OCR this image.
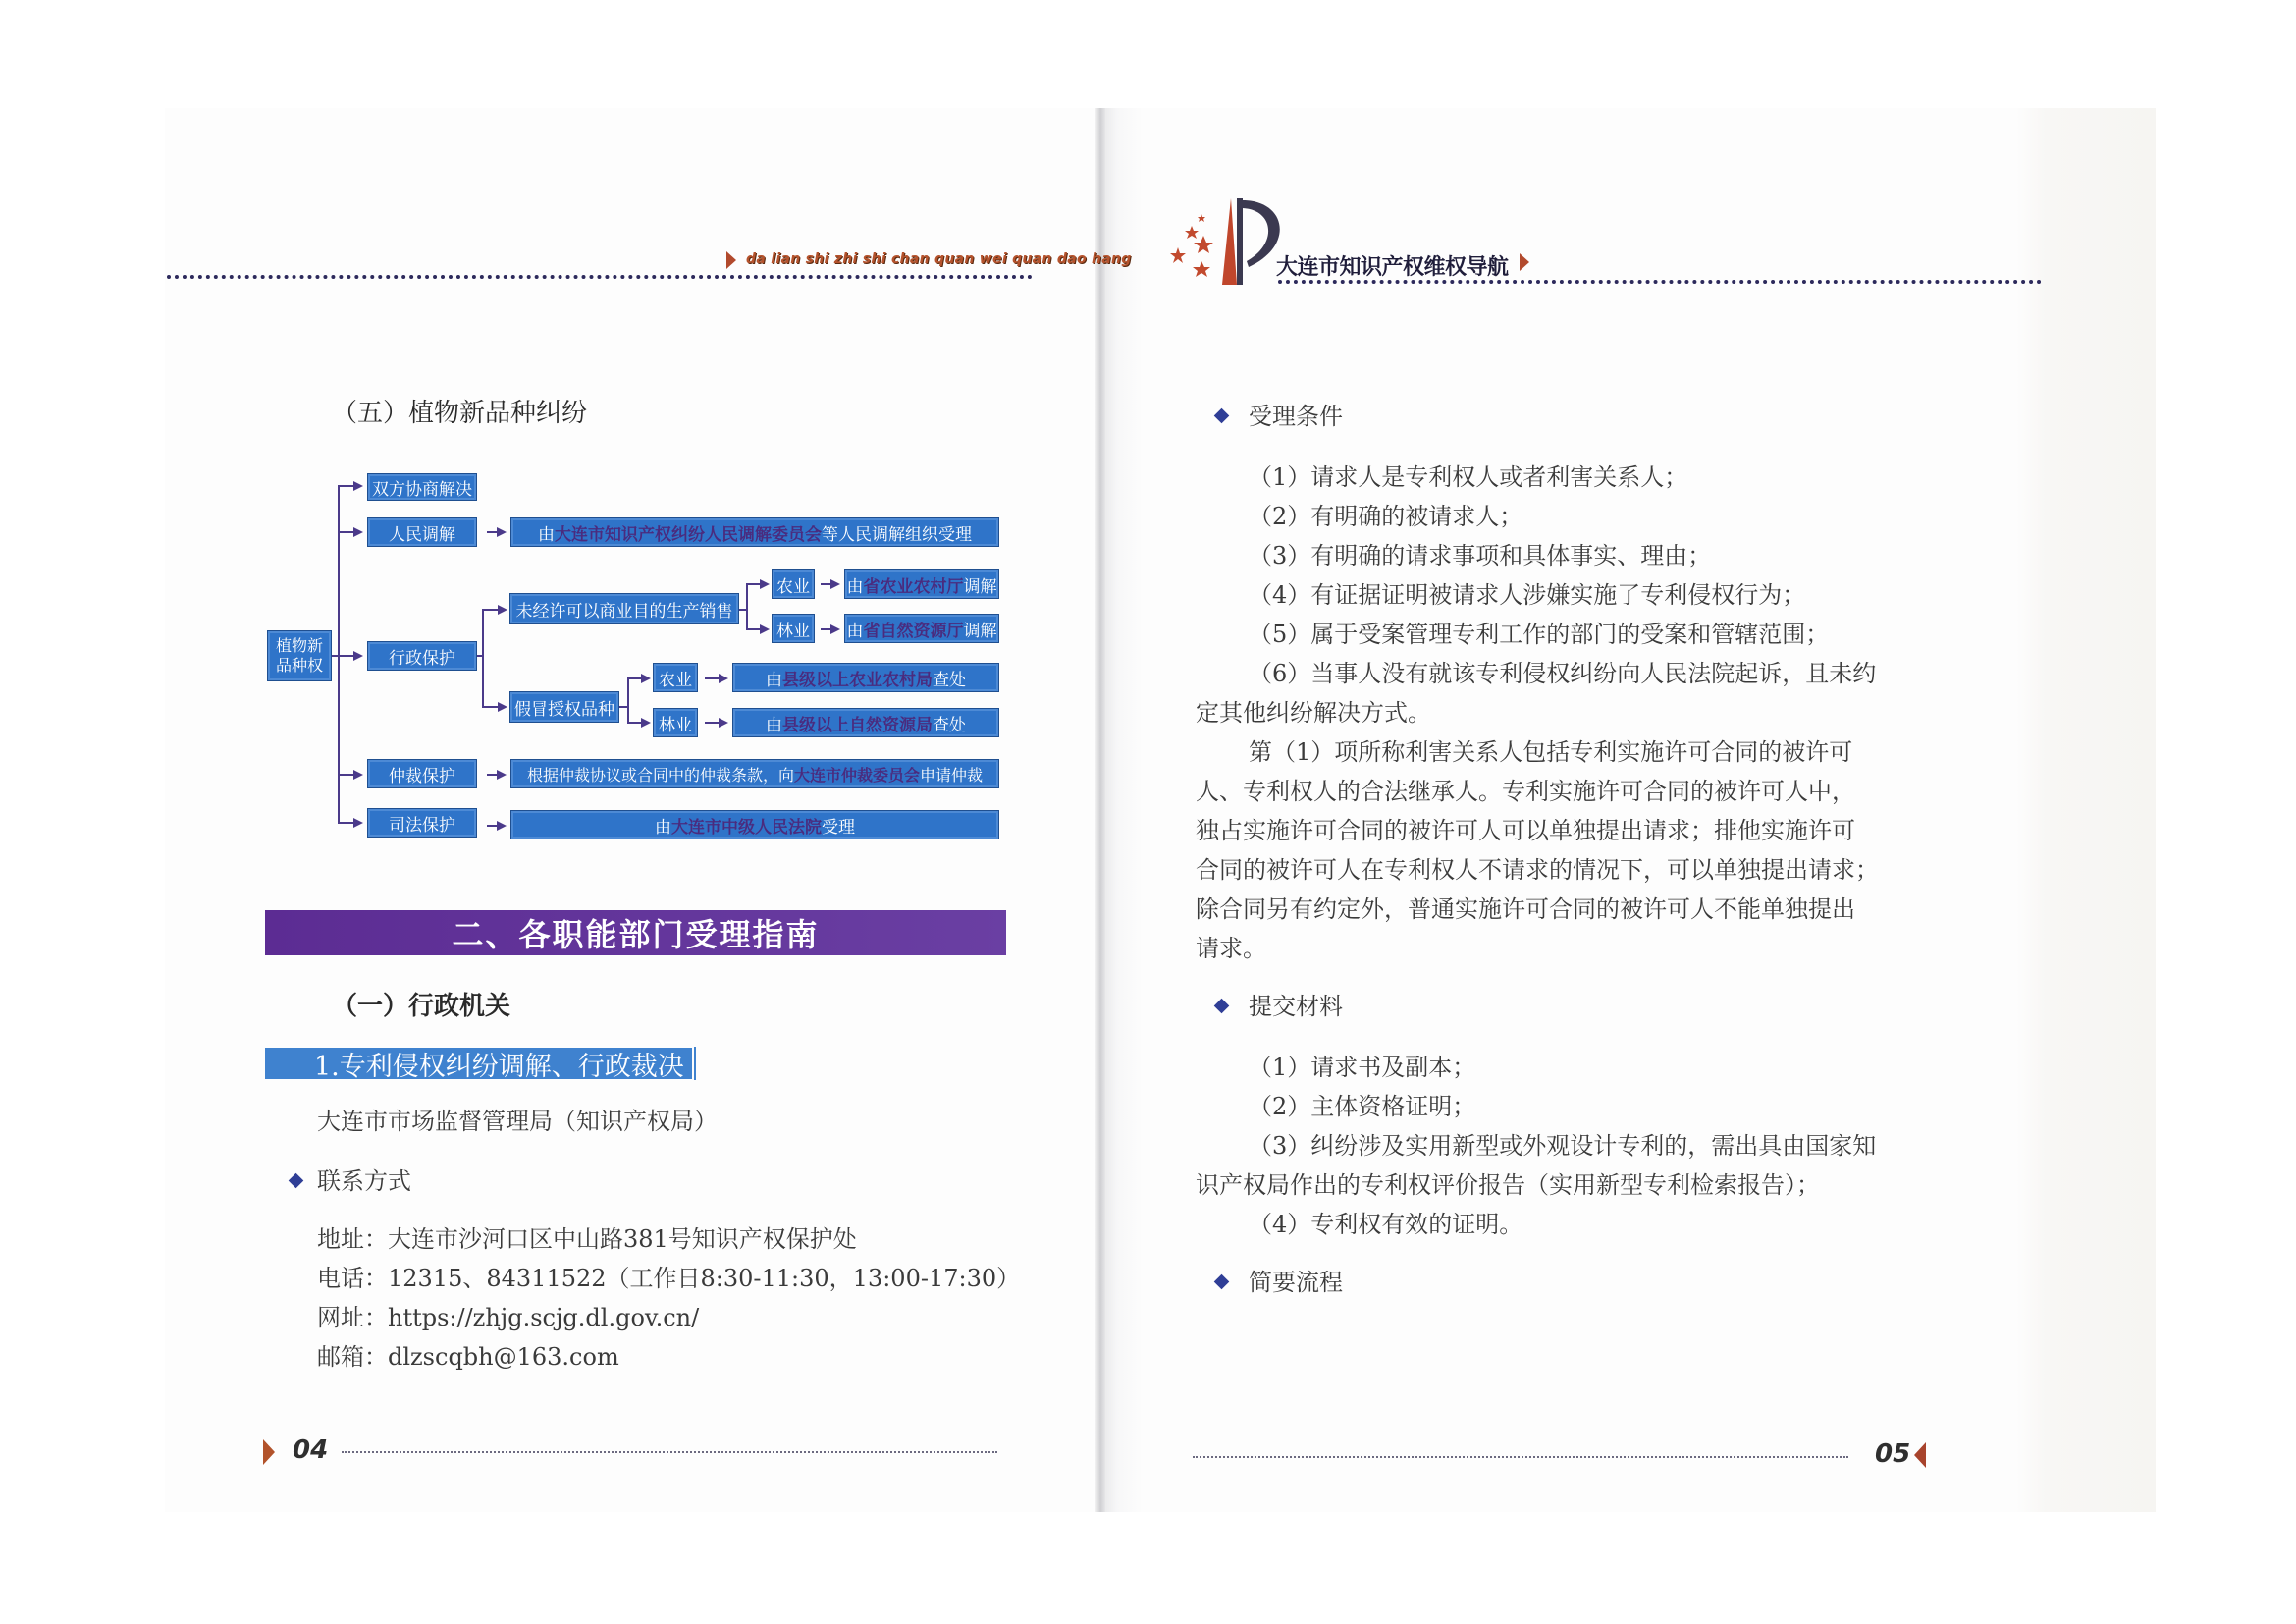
da lian shi zhi shi chan quan wei quan dao hang
（五）植物新品种纠纷
植物新
品种权
双方协商解决
人民调解	由 大连市知识产权纠纷人民调解委员会 等人民调解组织受理
行政保护
未经许可以商业目的生产销售
假冒授权品种
农业
林业
由 省农业农村厅 调解
由 省自然资源厅 调解
农业
林业
由 县级以上农业农村局 查处
由 县级以上自然资源局 查处
仲裁保护	根据仲裁协议或合同中的仲裁条款，向 大连市仲裁委员会 申请仲裁
司法保护	由 大连市中级人民法院 受理
二、各职能部门受理指南
（一）行政机关
1.专利侵权纠纷调解、行政裁决
大连市市场监督管理局（知识产权局）
联系方式
地址：大连市沙河口区中山路381号知识产权保护处
电话：12315、84311522（工作日8:30-11:30，13:00-17:30）
网址：https://zhjg.scjg.dl.gov.cn/
邮箱：dlzscqbh@163.com
04
大连市知识产权维权导航
受理条件
（1）请求人是专利权人或者利害关系人；
（2）有明确的被请求人；
（3）有明确的请求事项和具体事实、理由；
（4）有证据证明被请求人涉嫌实施了专利侵权行为；
（5）属于受案管理专利工作的部门的受案和管辖范围；
（6）当事人没有就该专利侵权纠纷向人民法院起诉，且未约
定其他纠纷解决方式。
第（1）项所称利害关系人包括专利实施许可合同的被许可
人、专利权人的合法继承人。专利实施许可合同的被许可人中，
独占实施许可合同的被许可人可以单独提出请求；排他实施许可
合同的被许可人在专利权人不请求的情况下，可以单独提出请求；
除合同另有约定外，普通实施许可合同的被许可人不能单独提出
请求。
提交材料
（1）请求书及副本；
（2）主体资格证明；
（3）纠纷涉及实用新型或外观设计专利的，需出具由国家知
识产权局作出的专利权评价报告（实用新型专利检索报告）；
（4）专利权有效的证明。
简要流程
05
